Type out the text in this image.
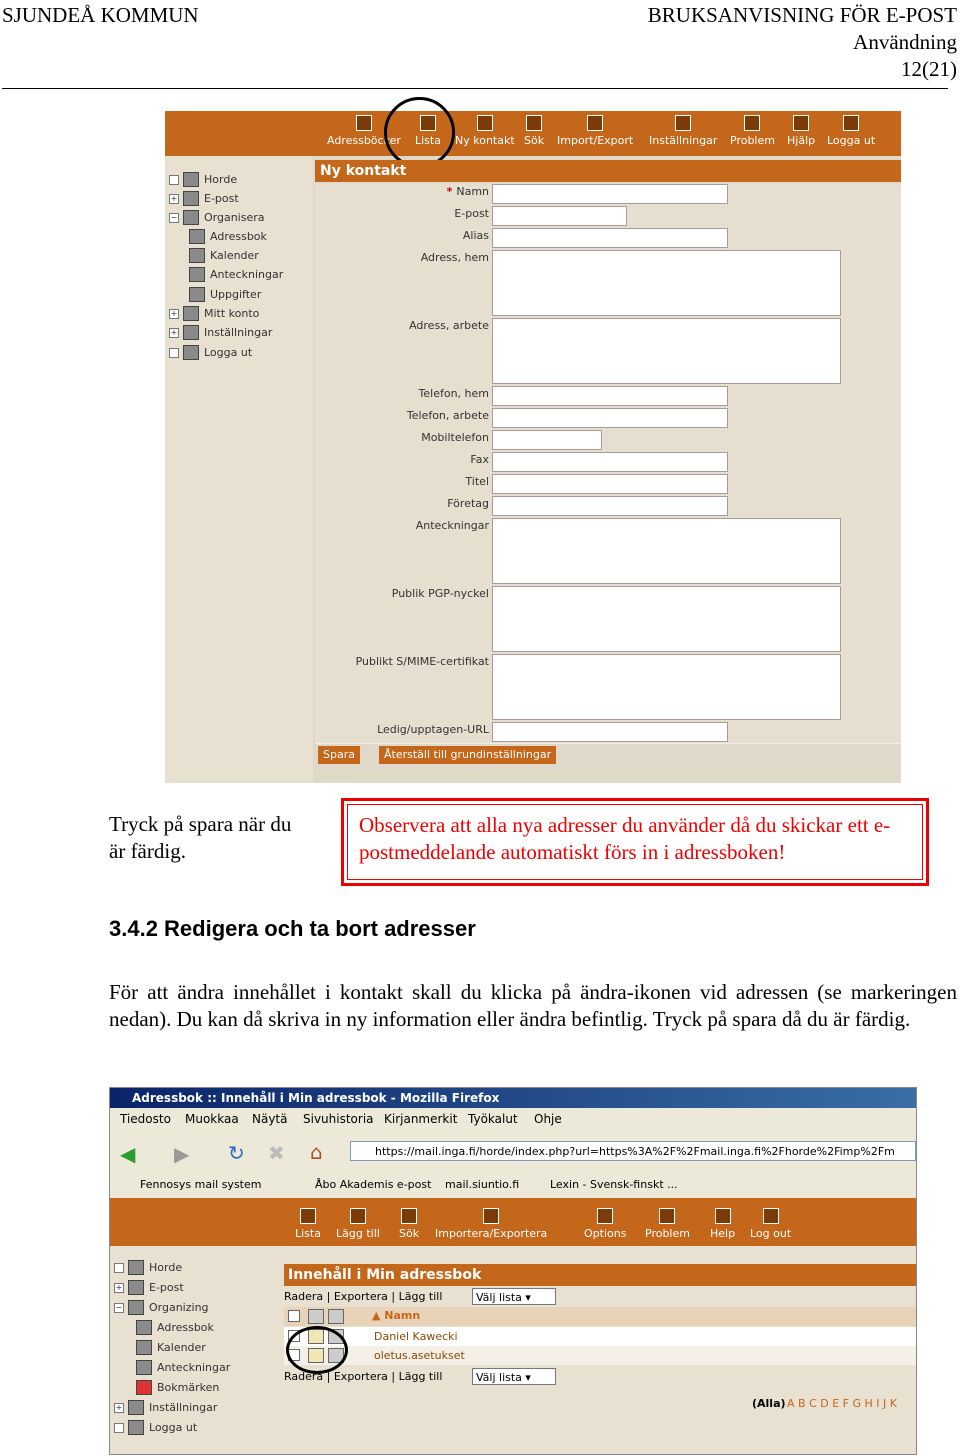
SJUNDEÅ KOMMUN	BRUKSANVISNING FÖR E-POST
Användning
12(21)
Adressböcker Lista Ny kontakt Sök Import/Export Inställningar Problem Hjälp Logga ut
Horde
+ E-post
− Organisera
Adressbok
Kalender
Anteckningar
Uppgifter
+ Mitt konto
+ Inställningar
Logga ut
Ny kontakt
* Namn
E-post
Alias
Adress, hem
Adress, arbete
Telefon, hem
Telefon, arbete
Mobiltelefon
Fax
Titel
Företag
Anteckningar
Publik PGP-nyckel
Publikt S/MIME-certifikat
Ledig/upptagen-URL
Spara	Återställ till grundinställningar
Tryck på spara när du är färdig.
Observera att alla nya adresser du använder då du skickar ett e-postmeddelande automatiskt förs in i adressboken!
3.4.2 Redigera och ta bort adresser
För att ändra innehållet i kontakt skall du klicka på ändra-ikonen vid adressen (se markeringen nedan). Du kan då skriva in ny information eller ändra befintlig. Tryck på spara då du är färdig.
Adressbok :: Innehåll i Min adressbok - Mozilla Firefox
Tiedosto Muokkaa Näytä Sivuhistoria Kirjanmerkit Työkalut Ohje
◀ ▶ ↻ ✖ ⌂	https://mail.inga.fi/horde/index.php?url=https%3A%2F%2Fmail.inga.fi%2Fhorde%2Fimp%2Fm
Fennosys mail system	Åbo Akademis e-post mail.siuntio.fi	Lexin - Svensk-finskt ...
Lista Lägg till Sök Importera/Exportera	Options Problem Help Log out
Horde
+ E-post
− Organizing
Adressbok
Kalender
Anteckningar
Bokmärken
+ Inställningar
Logga ut
Innehåll i Min adressbok
Radera | Exportera | Lägg till	Välj lista ▾
▲ Namn
Daniel Kawecki
oletus.asetukset
Radera | Exportera | Lägg till	Välj lista ▾
(Alla) A B C D E F G H I J K
